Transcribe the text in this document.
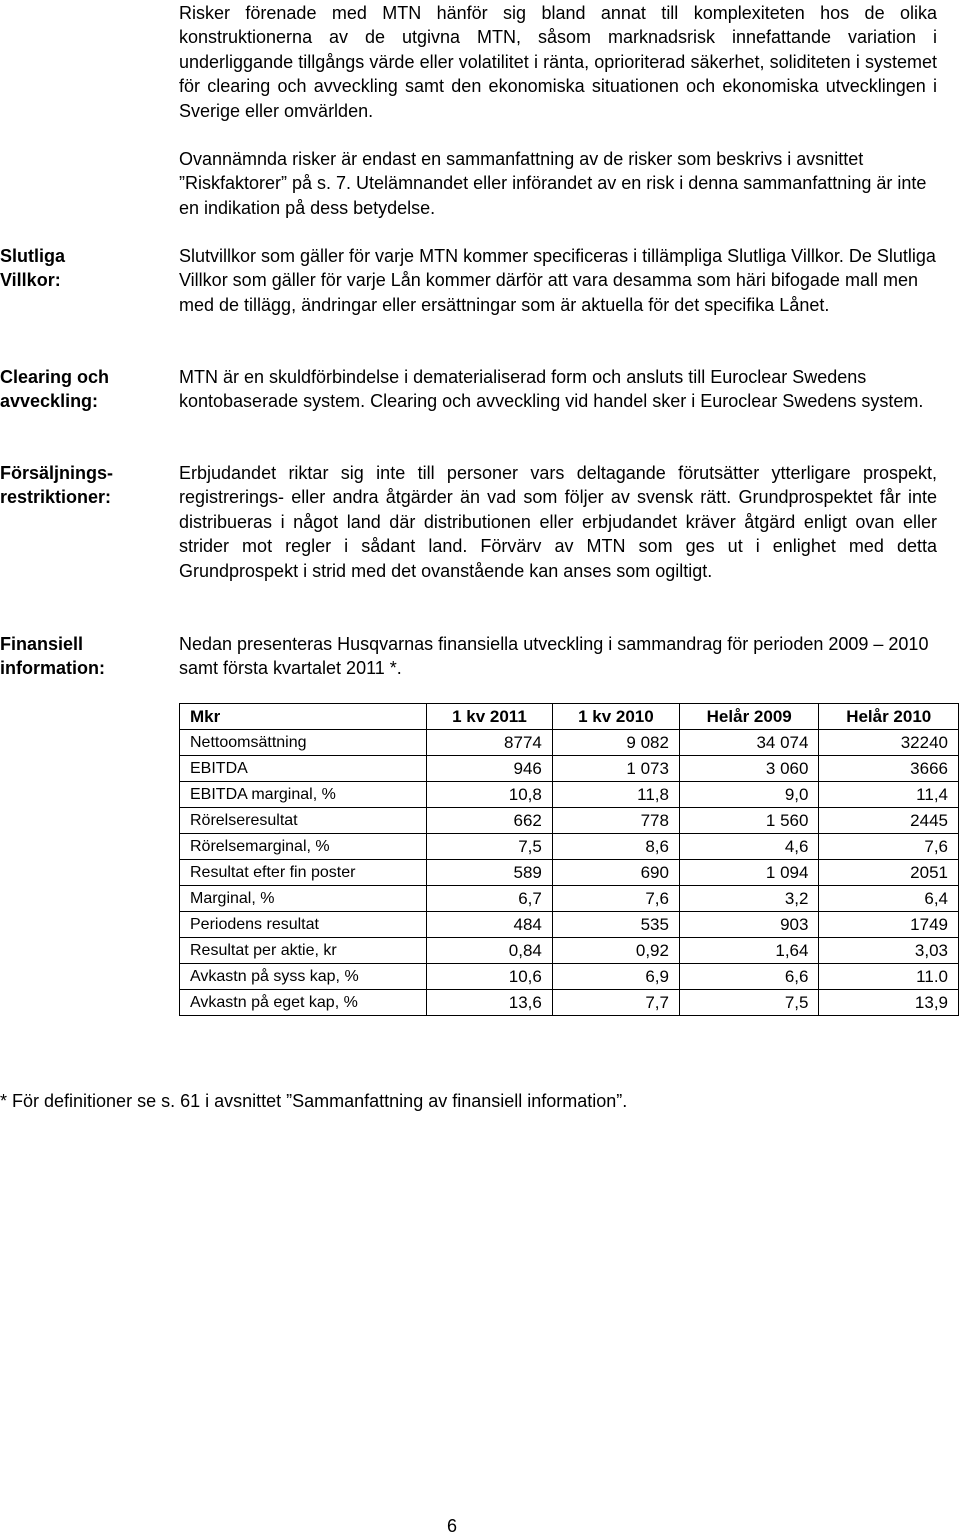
Risker förenade med MTN hänför sig bland annat till komplexiteten hos de olika konstruktionerna av de utgivna MTN, såsom marknadsrisk innefattande variation i underliggande tillgångs värde eller volatilitet i ränta, oprioriterad säkerhet, soliditeten i systemet för clearing och avveckling samt den ekonomiska situationen och ekonomiska utvecklingen i Sverige eller omvärlden.

Ovannämnda risker är endast en sammanfattning av de risker som beskrivs i avsnittet ”Riskfaktorer” på s. 7. Utelämnandet eller införandet av en risk i denna sammanfattning är inte en indikation på dess betydelse.

Slutliga
Villkor:

Slutvillkor som gäller för varje MTN kommer specificeras i tillämpliga Slutliga Villkor. De Slutliga Villkor som gäller för varje Lån kommer därför att vara desamma som häri bifogade mall men med de tillägg, ändringar eller ersättningar som är aktuella för det specifika Lånet.

Clearing och
avveckling:

MTN är en skuldförbindelse i dematerialiserad form och ansluts till Euroclear Swedens kontobaserade system. Clearing och avveckling vid handel sker i Euroclear Swedens system.

Försäljnings-
restriktioner:

Erbjudandet riktar sig inte till personer vars deltagande förutsätter ytterligare prospekt, registrerings- eller andra åtgärder än vad som följer av svensk rätt. Grundprospektet får inte distribueras i något land där distributionen eller erbjudandet kräver åtgärd enligt ovan eller strider mot regler i sådant land. Förvärv av MTN som ges ut i enlighet med detta Grundprospekt i strid med det ovanstående kan anses som ogiltigt.

Finansiell
information:

Nedan presenteras Husqvarnas finansiella utveckling i sammandrag för perioden 2009 – 2010 samt första kvartalet 2011 *.

Mkr	1 kv 2011	1 kv 2010	Helår 2009	Helår 2010
Nettoomsättning	8774	9 082	34 074	32240
EBITDA	946	1 073	3 060	3666
EBITDA marginal, %	10,8	11,8	9,0	11,4
Rörelseresultat	662	778	1 560	2445
Rörelsemarginal, %	7,5	8,6	4,6	7,6
Resultat efter fin poster	589	690	1 094	2051
Marginal, %	6,7	7,6	3,2	6,4
Periodens resultat	484	535	903	1749
Resultat per aktie, kr	0,84	0,92	1,64	3,03
Avkastn på syss kap, %	10,6	6,9	6,6	11.0
Avkastn på eget kap, %	13,6	7,7	7,5	13,9

* För definitioner se s. 61 i avsnittet ”Sammanfattning av finansiell information”.

6
